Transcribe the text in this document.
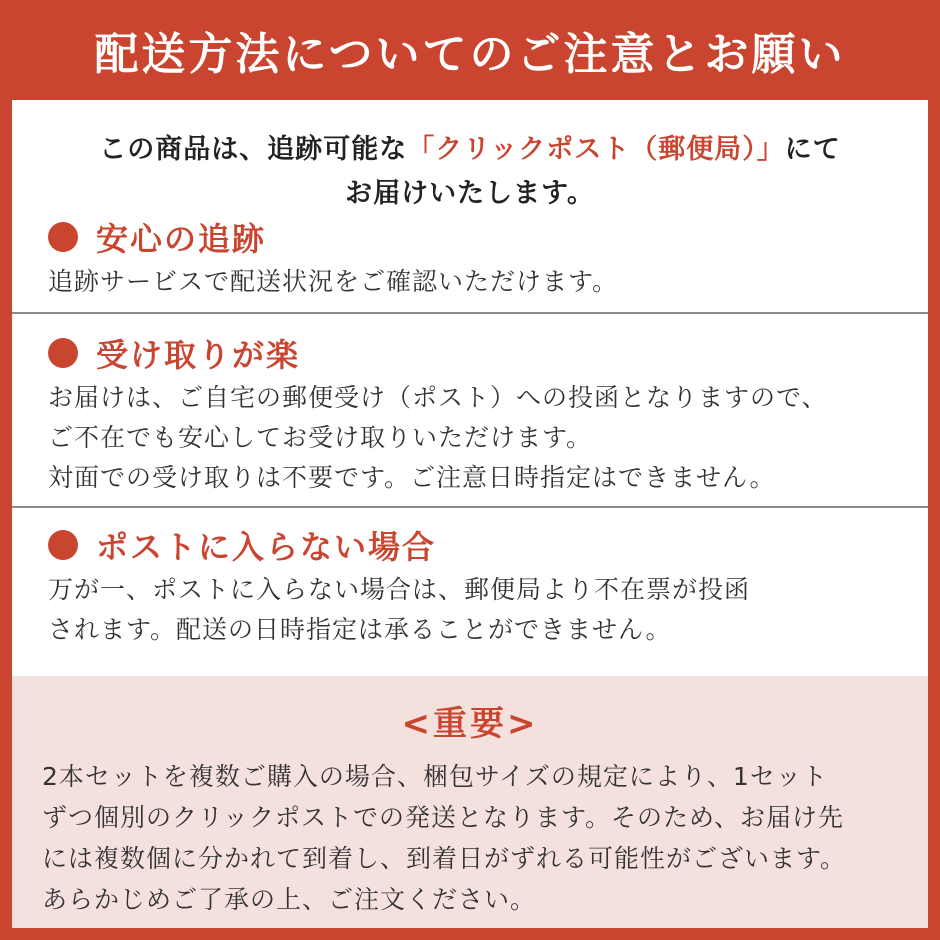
配送方法についてのご注意とお願い
この商品は、追跡可能な「クリックポスト（郵便局）」にて
お届けいたします。
安心の追跡
追跡サービスで配送状況をご確認いただけます。
受け取りが楽
お届けは、ご自宅の郵便受け（ポスト）への投函となりますので、
ご不在でも安心してお受け取りいただけます。
対面での受け取りは不要です。ご注意日時指定はできません。
ポストに入らない場合
万が一、ポストに入らない場合は、郵便局より不在票が投函
されます。配送の日時指定は承ることができません。
<重要>
2本セットを複数ご購入の場合、梱包サイズの規定により、1セット
ずつ個別のクリックポストでの発送となります。そのため、お届け先
には複数個に分かれて到着し、到着日がずれる可能性がございます。
あらかじめご了承の上、ご注文ください。
